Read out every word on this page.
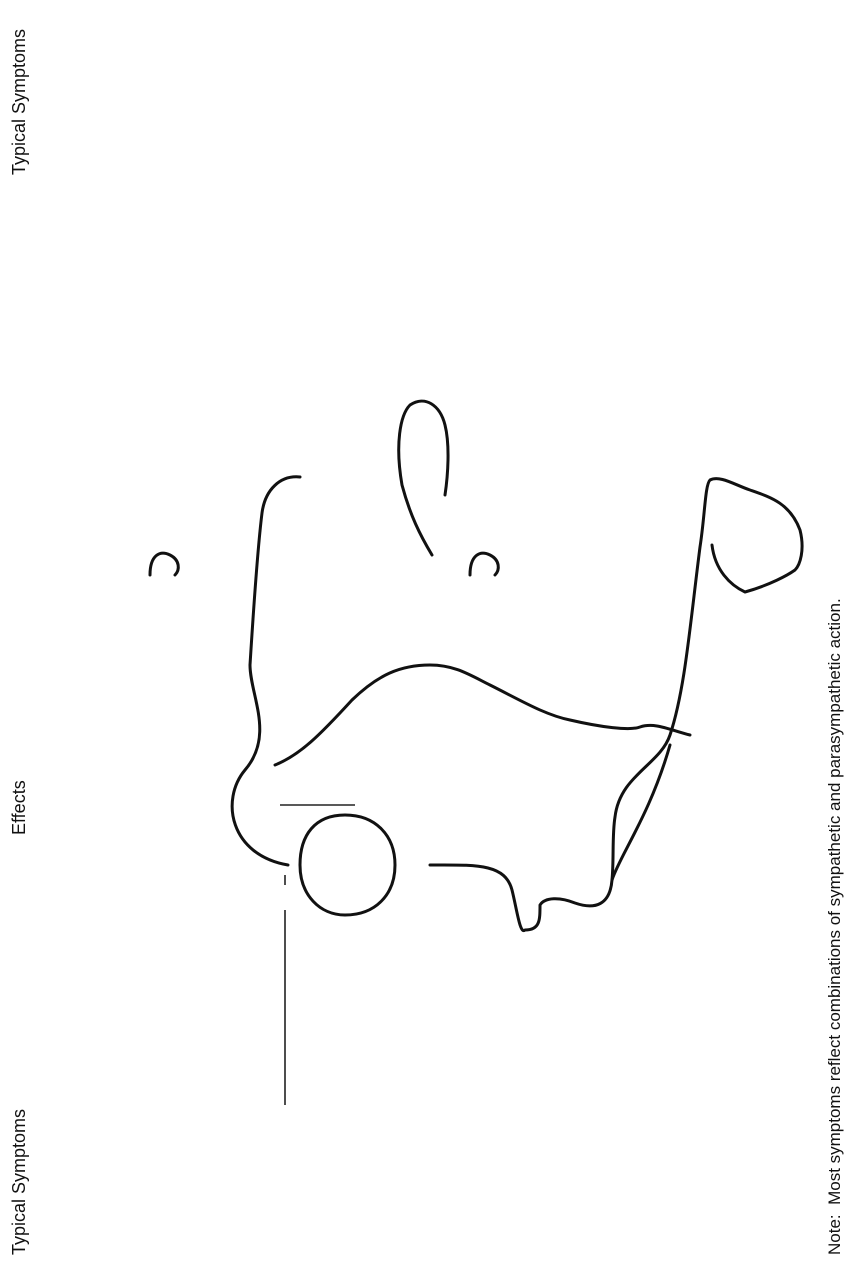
Typical Symptoms
Effects
Typical Symptoms
Note:  Most symptoms reflect combinations of sympathetic and parasympathetic action.
